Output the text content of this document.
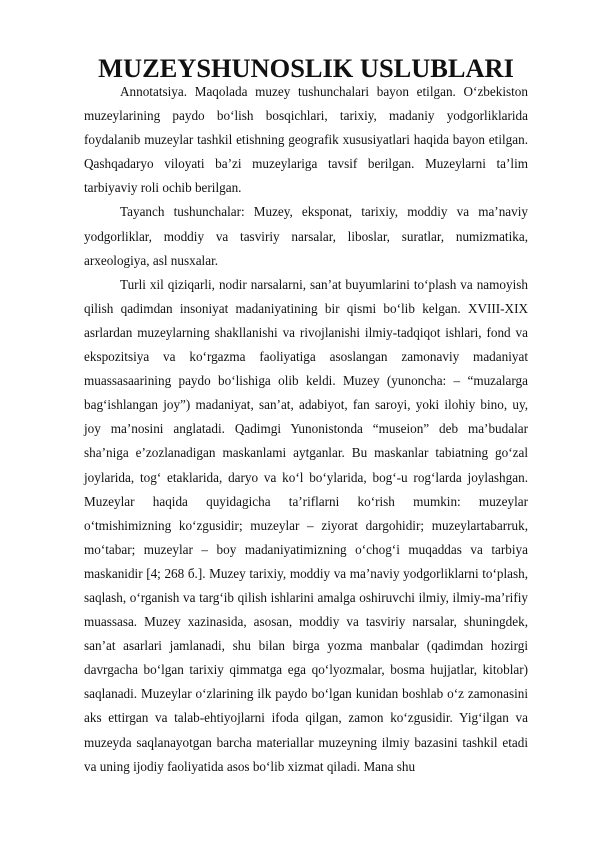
MUZEYSHUNOSLIK USLUBLARI

Annotatsiya. Maqolada muzey tushunchalari bayon etilgan. O‘zbekiston muzeylarining paydo bo‘lish bosqichlari, tarixiy, madaniy yodgorliklarida foydalanib muzeylar tashkil etishning geografik xususiyatlari haqida bayon etilgan. Qashqadaryo viloyati ba’zi muzeylariga tavsif berilgan. Muzeylarni ta’lim tarbiyaviy roli ochib berilgan.

Tayanch tushunchalar: Muzey, eksponat, tarixiy, moddiy va ma’naviy yodgorliklar, moddiy va tasviriy narsalar, liboslar, suratlar, numizmatika, arxeologiya, asl nusxalar.

Turli xil qiziqarli, nodir narsalarni, san’at buyumlarini to‘plash va namoyish qilish qadimdan insoniyat madaniyatining bir qismi bo‘lib kelgan. XVIII-XIX asrlardan muzeylarning shakllanishi va rivojlanishi ilmiy-tadqiqot ishlari, fond va ekspozitsiya va ko‘rgazma faoliyatiga asoslangan zamonaviy madaniyat muassasaarining paydo bo‘lishiga olib keldi. Muzey (yunoncha: – “muzalarga bag‘ishlangan joy”) madaniyat, san’at, adabiyot, fan saroyi, yoki ilohiy bino, uy, joy ma’nosini anglatadi. Qadimgi Yunonistonda “museion” deb ma’budalar sha’niga e’zozlanadigan maskanlami aytganlar. Bu maskanlar tabiatning go‘zal joylarida, tog‘ etaklarida, daryo va ko‘l bo‘ylarida, bog‘-u rog‘larda joylashgan. Muzeylar haqida quyidagicha ta’riflarni ko‘rish mumkin: muzeylar o‘tmishimizning ko‘zgusidir; muzeylar – ziyorat dargohidir; muzeylartabarruk, mo‘tabar; muzeylar – boy madaniyatimizning o‘chog‘i muqaddas va tarbiya maskanidir [4; 268 б.]. Muzey tarixiy, moddiy va ma’naviy yodgorliklarni to‘plash, saqlash, o‘rganish va targ‘ib qilish ishlarini amalga oshiruvchi ilmiy, ilmiy-ma’rifiy muassasa. Muzey xazinasida, asosan, moddiy va tasviriy narsalar, shuningdek, san’at asarlari jamlanadi, shu bilan birga yozma manbalar (qadimdan hozirgi davrgacha bo‘lgan tarixiy qimmatga ega qo‘lyozmalar, bosma hujjatlar, kitoblar) saqlanadi. Muzeylar o‘zlarining ilk paydo bo‘lgan kunidan boshlab o‘z zamonasini aks ettirgan va talab-ehtiyojlarni ifoda qilgan, zamon ko‘zgusidir. Yig‘ilgan va muzeyda saqlanayotgan barcha materiallar muzeyning ilmiy bazasini tashkil etadi va uning ijodiy faoliyatida asos bo‘lib xizmat qiladi. Mana shu
